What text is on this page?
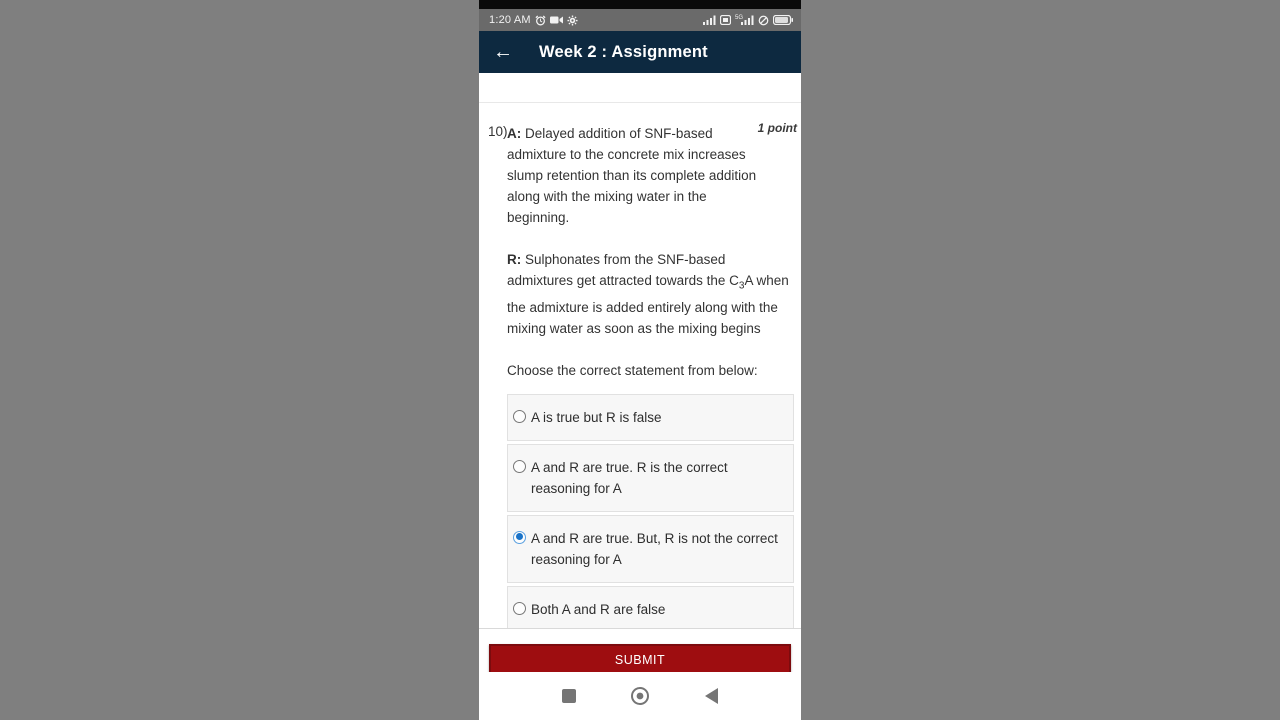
1:20 AM	5G
← Week 2 : Assignment
1 point
10) A: Delayed addition of SNF-based admixture to the concrete mix increases slump retention than its complete addition along with the mixing water in the beginning.

R: Sulphonates from the SNF-based admixtures get attracted towards the $C_3A$ when the admixture is added entirely along with the mixing water as soon as the mixing begins

Choose the correct statement from below:

A is true but R is false
A and R are true. R is the correct reasoning for A
A and R are true. But, R is not the correct reasoning for A
Both A and R are false
SUBMIT
